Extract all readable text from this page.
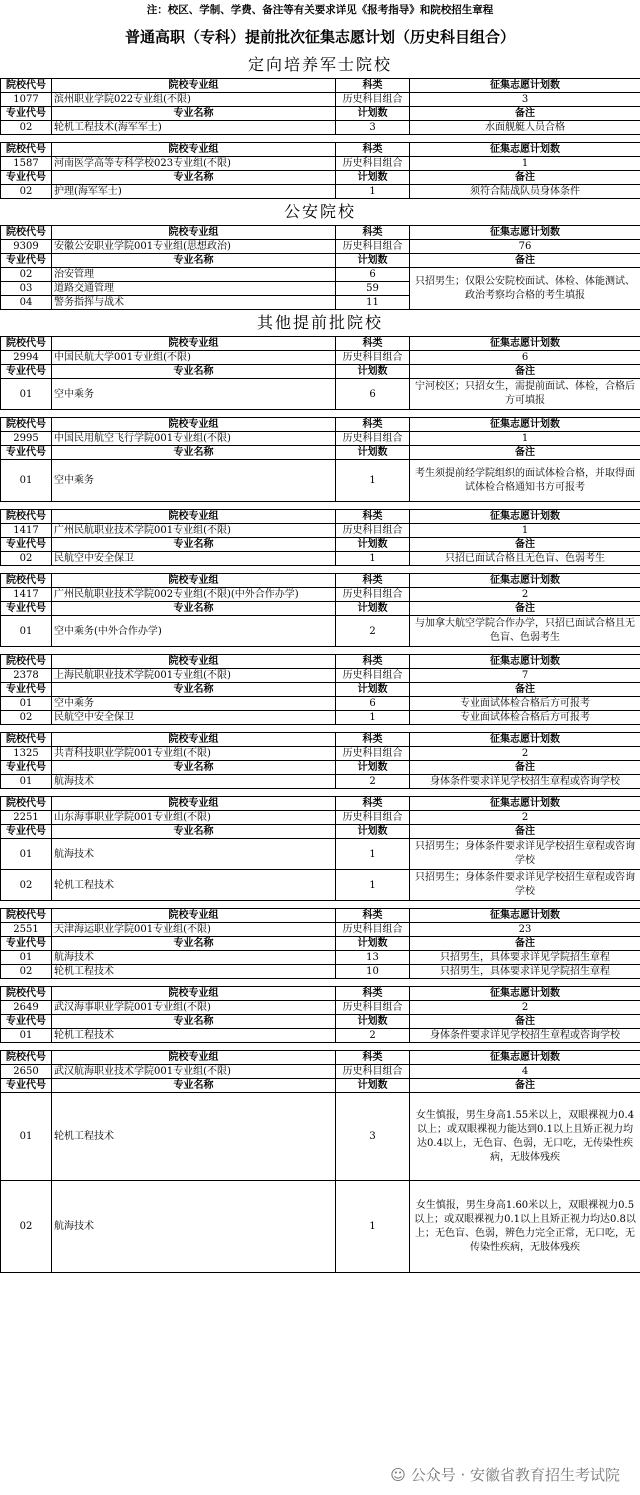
注：校区、学制、学费、备注等有关要求详见《报考指导》和院校招生章程
普通高职（专科）提前批次征集志愿计划（历史科目组合）
定向培养军士院校
院校代号	院校专业组	科类	征集志愿计划数
1077	滨州职业学院022专业组(不限)	历史科目组合	3
专业代号	专业名称	计划数	备注
02	轮机工程技术(海军军士)	3	水面舰艇人员合格
院校代号	院校专业组	科类	征集志愿计划数
1587	河南医学高等专科学校023专业组(不限)	历史科目组合	1
专业代号	专业名称	计划数	备注
02	护理(海军军士)	1	须符合陆战队员身体条件
公安院校
院校代号	院校专业组	科类	征集志愿计划数
9309	安徽公安职业学院001专业组(思想政治)	历史科目组合	76
专业代号	专业名称	计划数	备注
02	治安管理	6	只招男生；仅限公安院校面试、体检、体能测试、政治考察均合格的考生填报
03	道路交通管理	59	
04	警务指挥与战术	11	
其他提前批院校
院校代号	院校专业组	科类	征集志愿计划数
2994	中国民航大学001专业组(不限)	历史科目组合	6
专业代号	专业名称	计划数	备注
01	空中乘务	6	宁河校区；只招女生，需提前面试、体检，合格后方可填报
院校代号	院校专业组	科类	征集志愿计划数
2995	中国民用航空飞行学院001专业组(不限)	历史科目组合	1
专业代号	专业名称	计划数	备注
01	空中乘务	1	考生须提前经学院组织的面试体检合格，并取得面试体检合格通知书方可报考
院校代号	院校专业组	科类	征集志愿计划数
1417	广州民航职业技术学院001专业组(不限)	历史科目组合	1
专业代号	专业名称	计划数	备注
02	民航空中安全保卫	1	只招已面试合格且无色盲、色弱考生
院校代号	院校专业组	科类	征集志愿计划数
1417	广州民航职业技术学院002专业组(不限)(中外合作办学)	历史科目组合	2
专业代号	专业名称	计划数	备注
01	空中乘务(中外合作办学)	2	与加拿大航空学院合作办学，只招已面试合格且无色盲、色弱考生
院校代号	院校专业组	科类	征集志愿计划数
2378	上海民航职业技术学院001专业组(不限)	历史科目组合	7
专业代号	专业名称	计划数	备注
01	空中乘务	6	专业面试体检合格后方可报考
02	民航空中安全保卫	1	专业面试体检合格后方可报考
院校代号	院校专业组	科类	征集志愿计划数
1325	共青科技职业学院001专业组(不限)	历史科目组合	2
专业代号	专业名称	计划数	备注
01	航海技术	2	身体条件要求详见学校招生章程或咨询学校
院校代号	院校专业组	科类	征集志愿计划数
2251	山东海事职业学院001专业组(不限)	历史科目组合	2
专业代号	专业名称	计划数	备注
01	航海技术	1	只招男生；身体条件要求详见学校招生章程或咨询学校
02	轮机工程技术	1	只招男生；身体条件要求详见学校招生章程或咨询学校
院校代号	院校专业组	科类	征集志愿计划数
2551	天津海运职业学院001专业组(不限)	历史科目组合	23
专业代号	专业名称	计划数	备注
01	航海技术	13	只招男生，具体要求详见学院招生章程
02	轮机工程技术	10	只招男生，具体要求详见学院招生章程
院校代号	院校专业组	科类	征集志愿计划数
2649	武汉海事职业学院001专业组(不限)	历史科目组合	2
专业代号	专业名称	计划数	备注
01	轮机工程技术	2	身体条件要求详见学校招生章程或咨询学校
院校代号	院校专业组	科类	征集志愿计划数
2650	武汉航海职业技术学院001专业组(不限)	历史科目组合	4
专业代号	专业名称	计划数	备注
01	轮机工程技术	3	女生慎报，男生身高1.55米以上，双眼裸视力0.4以上；或双眼裸视力能达到0.1以上且矫正视力均达0.4以上，无色盲、色弱，无口吃，无传染性疾病，无肢体残疾
02	航海技术	1	女生慎报，男生身高1.60米以上，双眼裸视力0.5以上；或双眼裸视力0.1以上且矫正视力均达0.8以上；无色盲、色弱，辨色力完全正常，无口吃，无传染性疾病，无肢体残疾
☺ 公众号 · 安徽省教育招生考试院
